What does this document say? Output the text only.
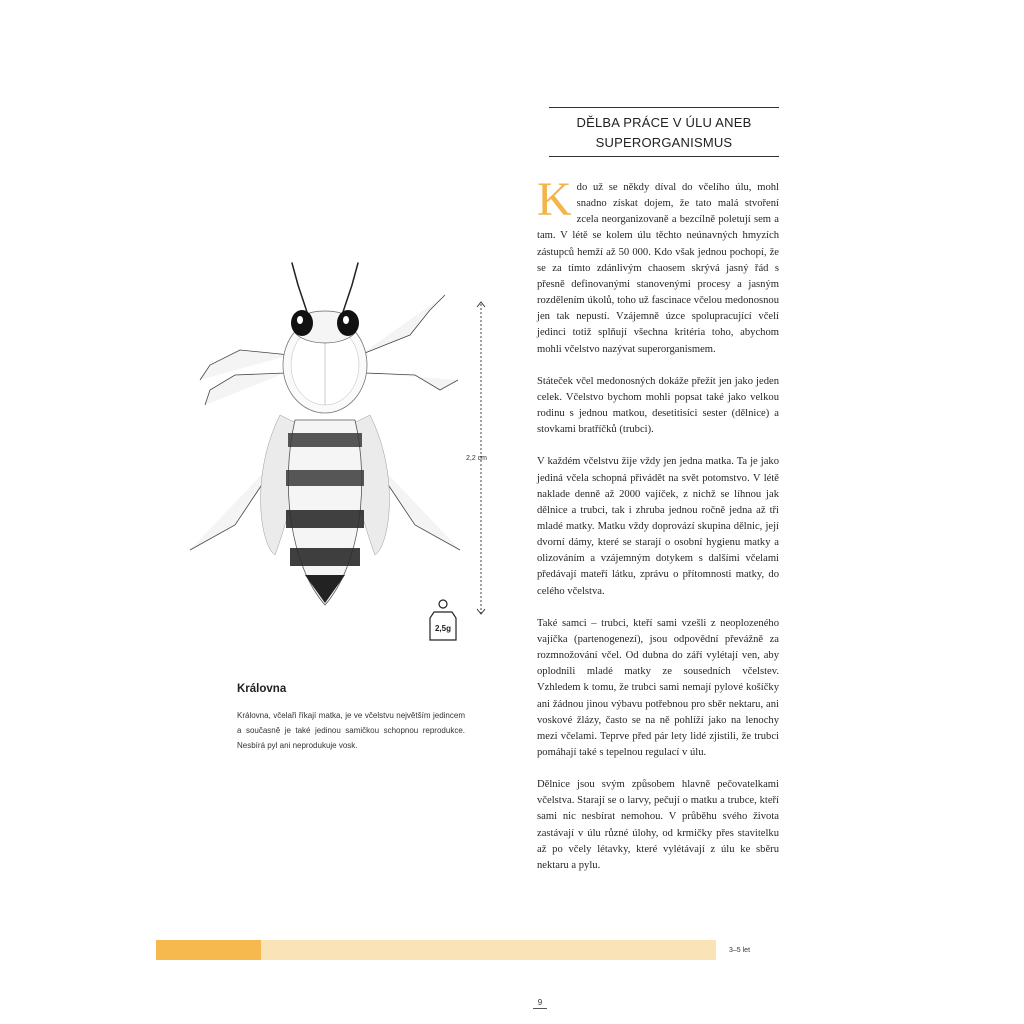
DĚLBA PRÁCE V ÚLU ANEB
SUPERORGANISMUS

Kdo už se někdy díval do včelího úlu, mohl snadno získat dojem, že tato malá stvoření zcela neorganizovaně a bezcílně poletují sem a tam. V létě se kolem úlu těchto neúnavných hmyzích zástupců hemží až 50 000. Kdo však jednou pochopí, že se za tímto zdánlivým chaosem skrývá jasný řád s přesně definovanými stanovenými procesy a jasným rozdělením úkolů, toho už fascinace včelou medonosnou jen tak nepustí. Vzájemně úzce spolupracující včelí jedinci totiž splňují všechna kritéria toho, abychom mohli včelstvo nazývat superorganismem.

Státeček včel medonosných dokáže přežít jen jako jeden celek. Včelstvo bychom mohli popsat také jako velkou rodinu s jednou matkou, desetitisíci sester (dělnice) a stovkami bratříčků (trubci).

V každém včelstvu žije vždy jen jedna matka. Ta je jako jediná včela schopná přivádět na svět potomstvo. V létě naklade denně až 2000 vajíček, z nichž se líhnou jak dělnice a trubci, tak i zhruba jednou ročně jedna až tři mladé matky. Matku vždy doprovází skupina dělnic, její dvorní dámy, které se starají o osobní hygienu matky a olizováním a vzájemným dotykem s dalšími včelami předávají mateří látku, zprávu o přítomnosti matky, do celého včelstva.

Také samci – trubci, kteří sami vzešli z neoplozeného vajíčka (partenogenezí), jsou odpovědní převážně za rozmnožování včel. Od dubna do září vylétají ven, aby oplodnili mladé matky ze sousedních včelstev. Vzhledem k tomu, že trubci sami nemají pylové košíčky ani žádnou jinou výbavu potřebnou pro sběr nektaru, ani voskové žlázy, často se na ně pohlíží jako na lenochy mezi včelami. Teprve před pár lety lidé zjistili, že trubci pomáhají také s tepelnou regulací v úlu.

Dělnice jsou svým způsobem hlavně pečovatelkami včelstva. Starají se o larvy, pečují o matku a trubce, kteří sami nic nesbírat nemohou. V průběhu svého života zastávají v úlu různé úlohy, od krmičky přes stavitelku až po včely létavky, které vylétávají z úlu ke sběru nektaru a pylu.

2,2 cm
2,5g
Královna
Královna, včelaři říkají matka, je ve včelstvu největším jedincem a současně je také jedinou samičkou schopnou reprodukce. Nesbírá pyl ani neprodukuje vosk.
3–5 let
9
